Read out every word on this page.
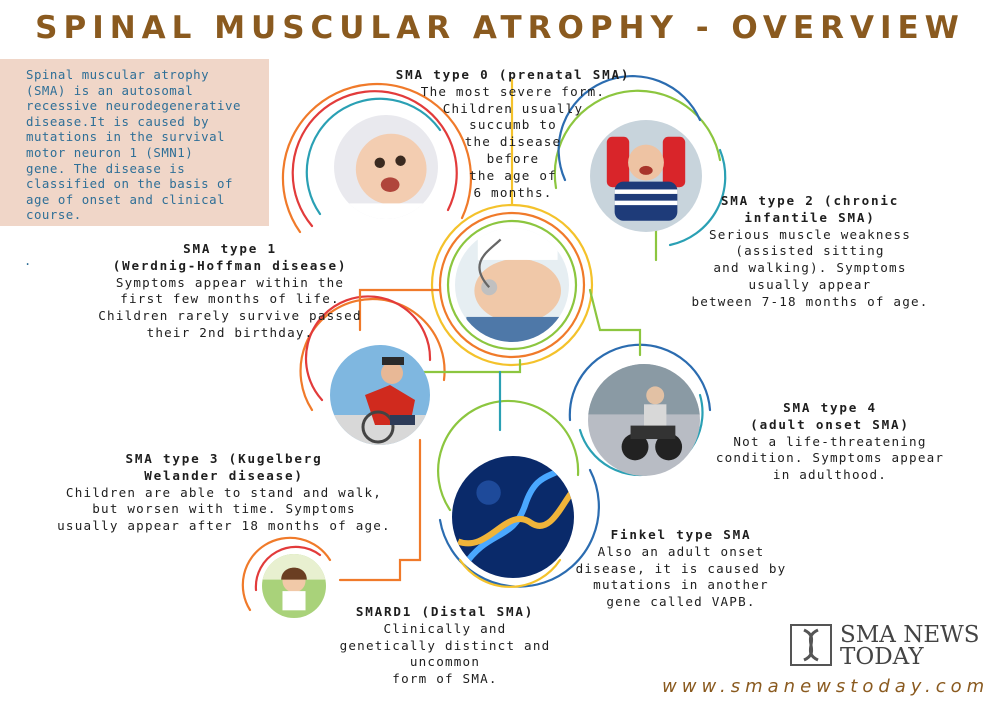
SPINAL MUSCULAR ATROPHY - OVERVIEW
Spinal muscular atrophy
(SMA) is an autosomal
recessive neurodegenerative
disease.It is caused by
mutations in the survival
motor neuron 1 (SMN1)
gene. The disease is
classified on the basis of
age of onset and clinical
course.
.
SMA type 0 (prenatal SMA)
The most severe form.
Children usually
succumb to
the disease
before
the age of
6 months.
SMA type 1
(Werdnig-Hoffman disease)
Symptoms appear within the
first few months of life.
Children rarely survive passed
their 2nd birthday.
SMA type 2 (chronic
infantile SMA)
Serious muscle weakness
(assisted sitting
and walking). Symptoms
usually appear
between 7-18 months of age.
SMA type 3 (Kugelberg
Welander disease)
Children are able to stand and walk,
but worsen with time. Symptoms
usually appear after 18 months of age.
SMA type 4
(adult onset SMA)
Not a life-threatening
condition. Symptoms appear
in adulthood.
Finkel type SMA
Also an adult onset
disease, it is caused by
mutations in another
gene called VAPB.
SMARD1 (Distal SMA)
Clinically and
genetically distinct and
uncommon
form of SMA.
SMA NEWS
TODAY
www.smanewstoday.com
